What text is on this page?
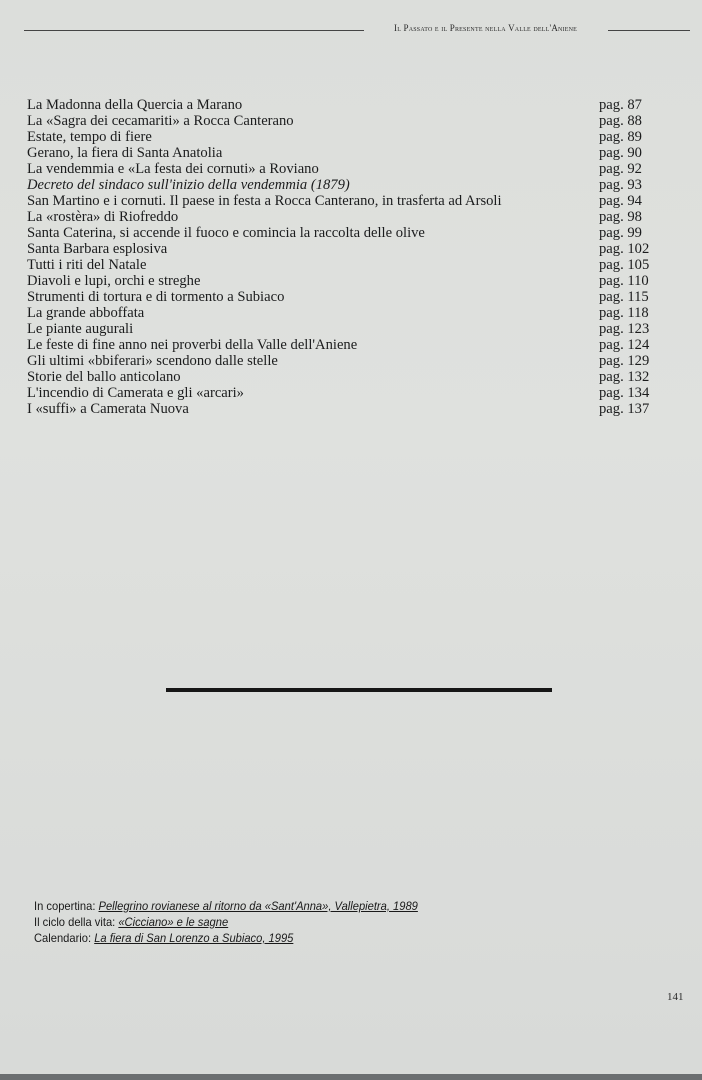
Il Passato e il Presente nella Valle dell'Aniene
La Madonna della Quercia a Marano	pag. 87
La «Sagra dei cecamariti» a Rocca Canterano	pag. 88
Estate, tempo di fiere	pag. 89
Gerano, la fiera di Santa Anatolia	pag. 90
La vendemmia e «La festa dei cornuti» a Roviano	pag. 92
Decreto del sindaco sull'inizio della vendemmia (1879)	pag. 93
San Martino e i cornuti. Il paese in festa a Rocca Canterano, in trasferta ad Arsoli	pag. 94
La «rostèra» di Riofreddo	pag. 98
Santa Caterina, si accende il fuoco e comincia la raccolta delle olive	pag. 99
Santa Barbara esplosiva	pag. 102
Tutti i riti del Natale	pag. 105
Diavoli e lupi, orchi e streghe	pag. 110
Strumenti di tortura e di tormento a Subiaco	pag. 115
La grande abboffata	pag. 118
Le piante augurali	pag. 123
Le feste di fine anno nei proverbi della Valle dell'Aniene	pag. 124
Gli ultimi «bbiferari» scendono dalle stelle	pag. 129
Storie del ballo anticolano	pag. 132
L'incendio di Camerata e gli «arcari»	pag. 134
I «suffi» a Camerata Nuova	pag. 137
In copertina: Pellegrino rovianese al ritorno da «Sant'Anna», Vallepietra, 1989
Il ciclo della vita: «Cicciano» e le sagne
Calendario: La fiera di San Lorenzo a Subiaco, 1995
141
